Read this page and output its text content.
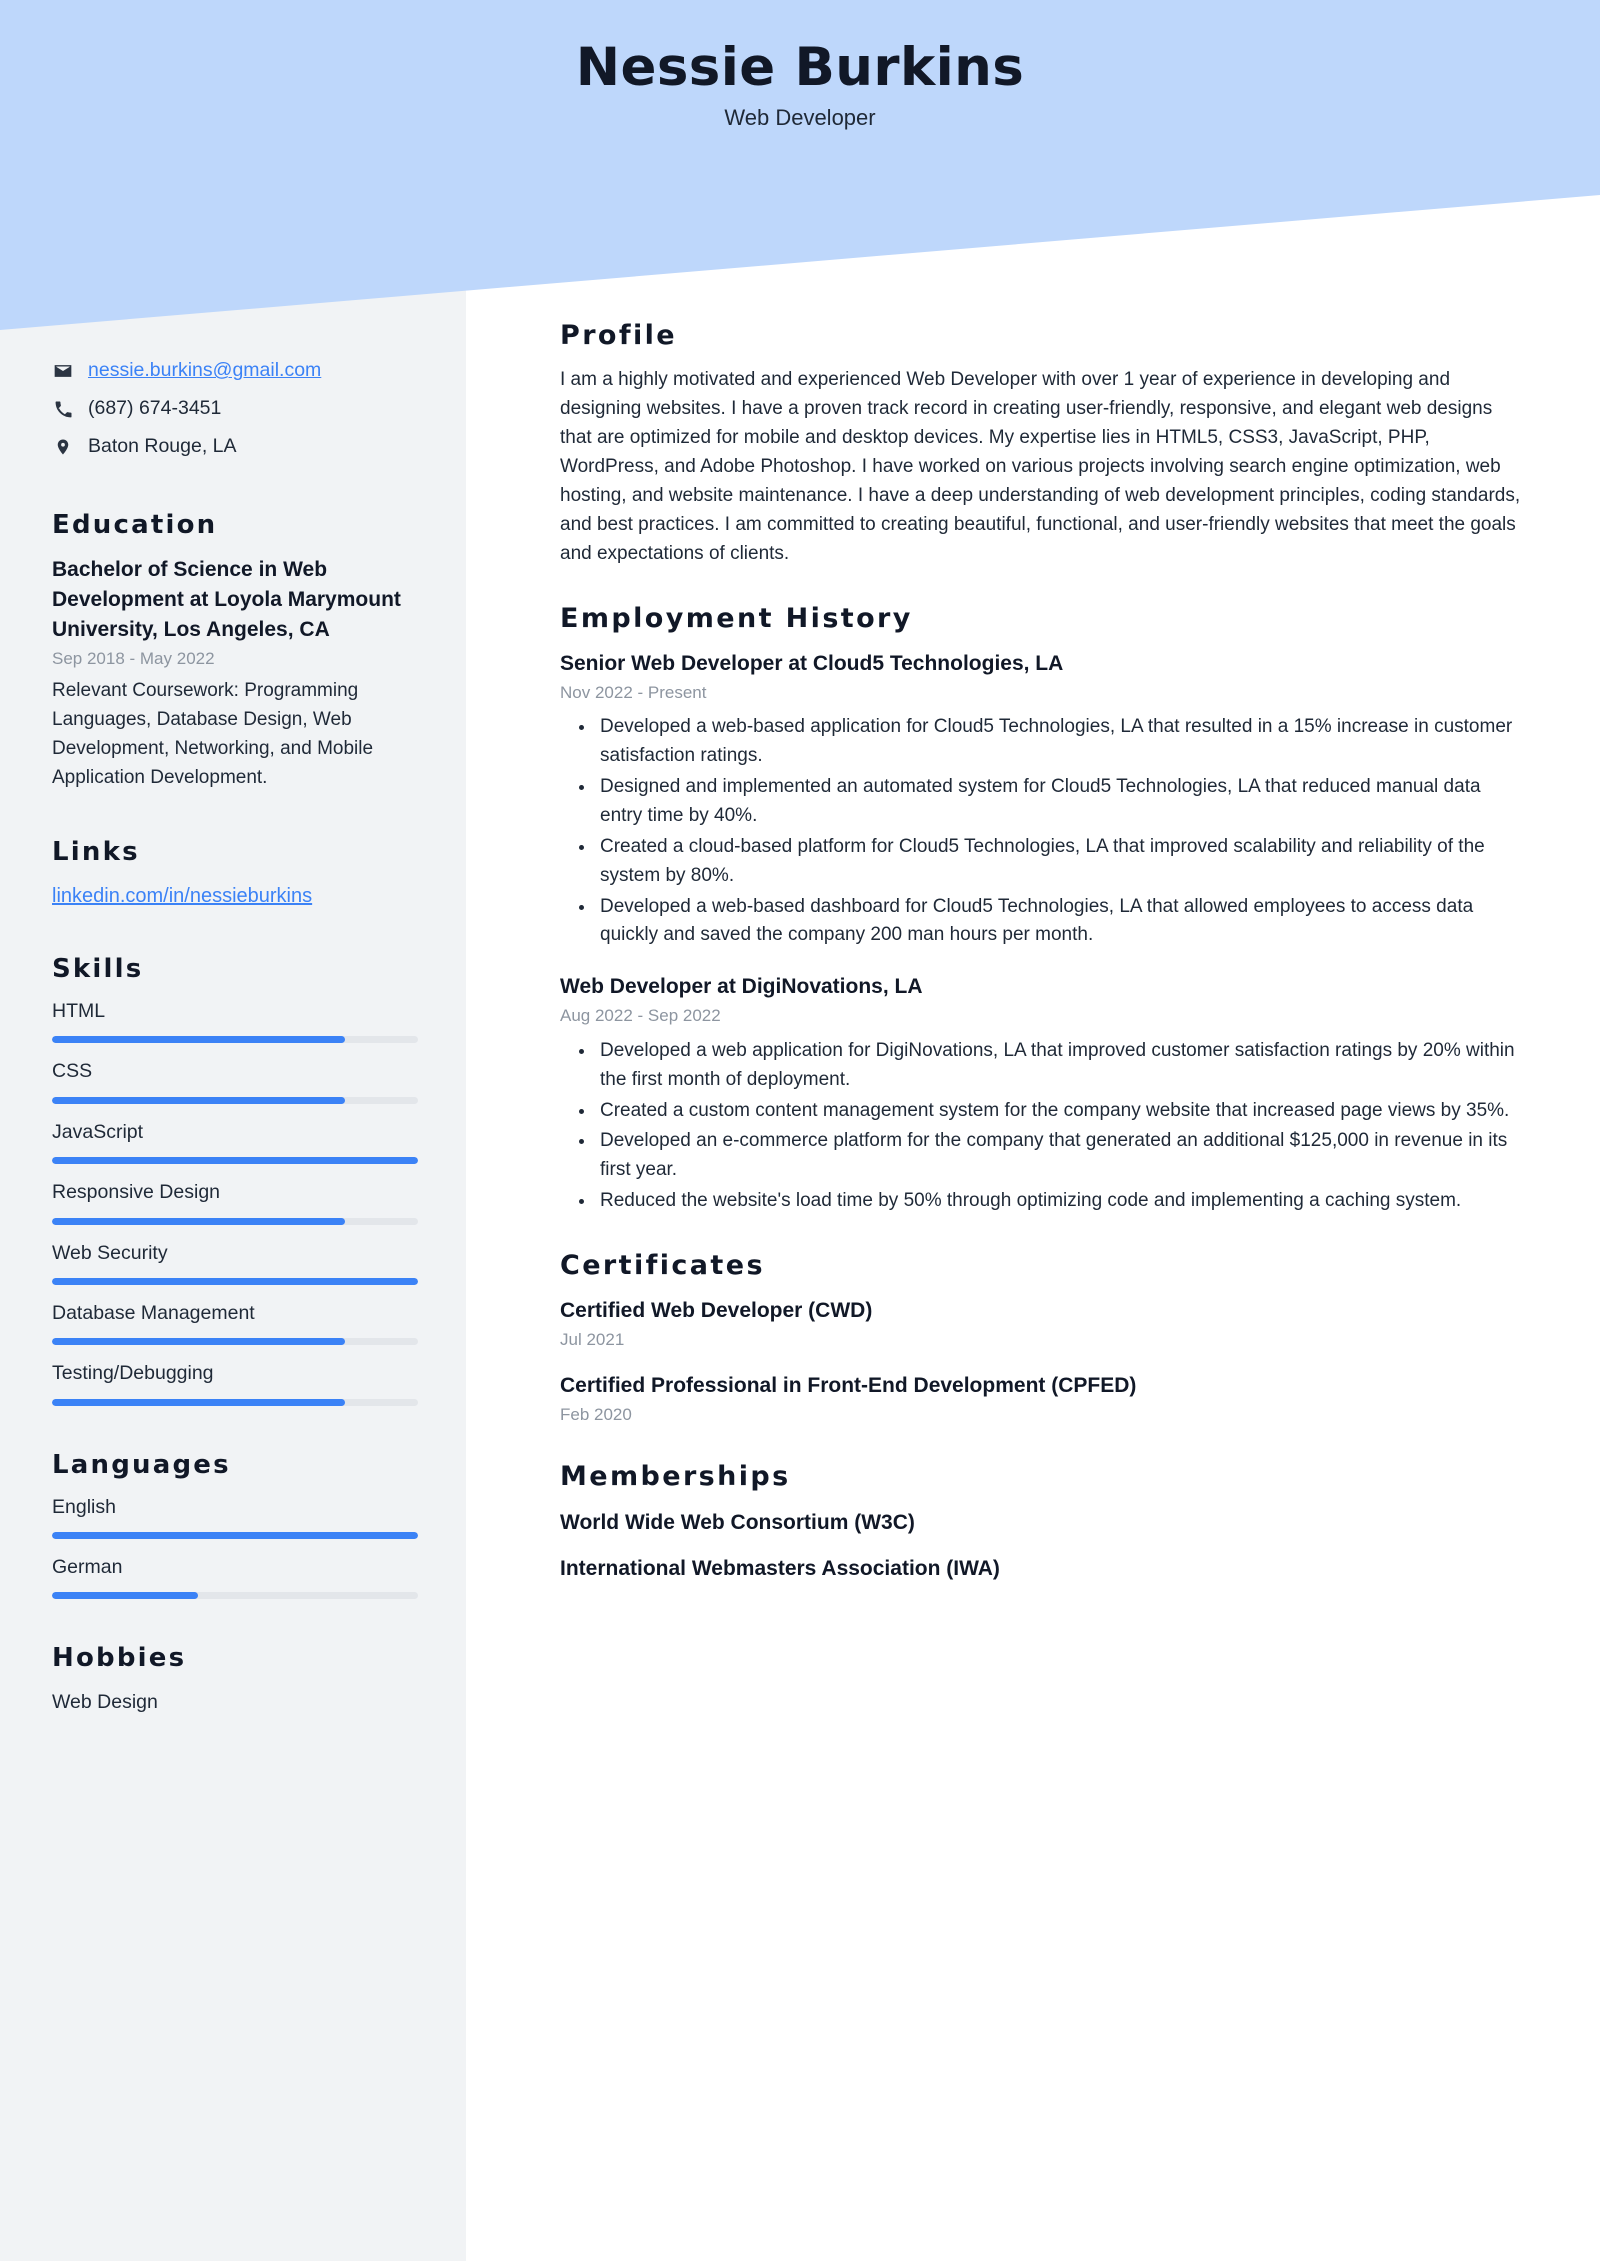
Nessie Burkins
Web Developer
nessie.burkins@gmail.com
(687) 674-3451
Baton Rouge, LA
Education
Bachelor of Science in Web Development at Loyola Marymount University, Los Angeles, CA
Sep 2018 - May 2022
Relevant Coursework: Programming Languages, Database Design, Web Development, Networking, and Mobile Application Development.
Links
linkedin.com/in/nessieburkins
Skills
HTML
CSS
JavaScript
Responsive Design
Web Security
Database Management
Testing/Debugging
Languages
English
German
Hobbies
Web Design
Profile
I am a highly motivated and experienced Web Developer with over 1 year of experience in developing and designing websites. I have a proven track record in creating user-friendly, responsive, and elegant web designs that are optimized for mobile and desktop devices. My expertise lies in HTML5, CSS3, JavaScript, PHP, WordPress, and Adobe Photoshop. I have worked on various projects involving search engine optimization, web hosting, and website maintenance. I have a deep understanding of web development principles, coding standards, and best practices. I am committed to creating beautiful, functional, and user-friendly websites that meet the goals and expectations of clients.
Employment History
Senior Web Developer at Cloud5 Technologies, LA
Nov 2022 - Present
• Developed a web-based application for Cloud5 Technologies, LA that resulted in a 15% increase in customer satisfaction ratings.
• Designed and implemented an automated system for Cloud5 Technologies, LA that reduced manual data entry time by 40%.
• Created a cloud-based platform for Cloud5 Technologies, LA that improved scalability and reliability of the system by 80%.
• Developed a web-based dashboard for Cloud5 Technologies, LA that allowed employees to access data quickly and saved the company 200 man hours per month.
Web Developer at DigiNovations, LA
Aug 2022 - Sep 2022
• Developed a web application for DigiNovations, LA that improved customer satisfaction ratings by 20% within the first month of deployment.
• Created a custom content management system for the company website that increased page views by 35%.
• Developed an e-commerce platform for the company that generated an additional $125,000 in revenue in its first year.
• Reduced the website's load time by 50% through optimizing code and implementing a caching system.
Certificates
Certified Web Developer (CWD)
Jul 2021
Certified Professional in Front-End Development (CPFED)
Feb 2020
Memberships
World Wide Web Consortium (W3C)
International Webmasters Association (IWA)
